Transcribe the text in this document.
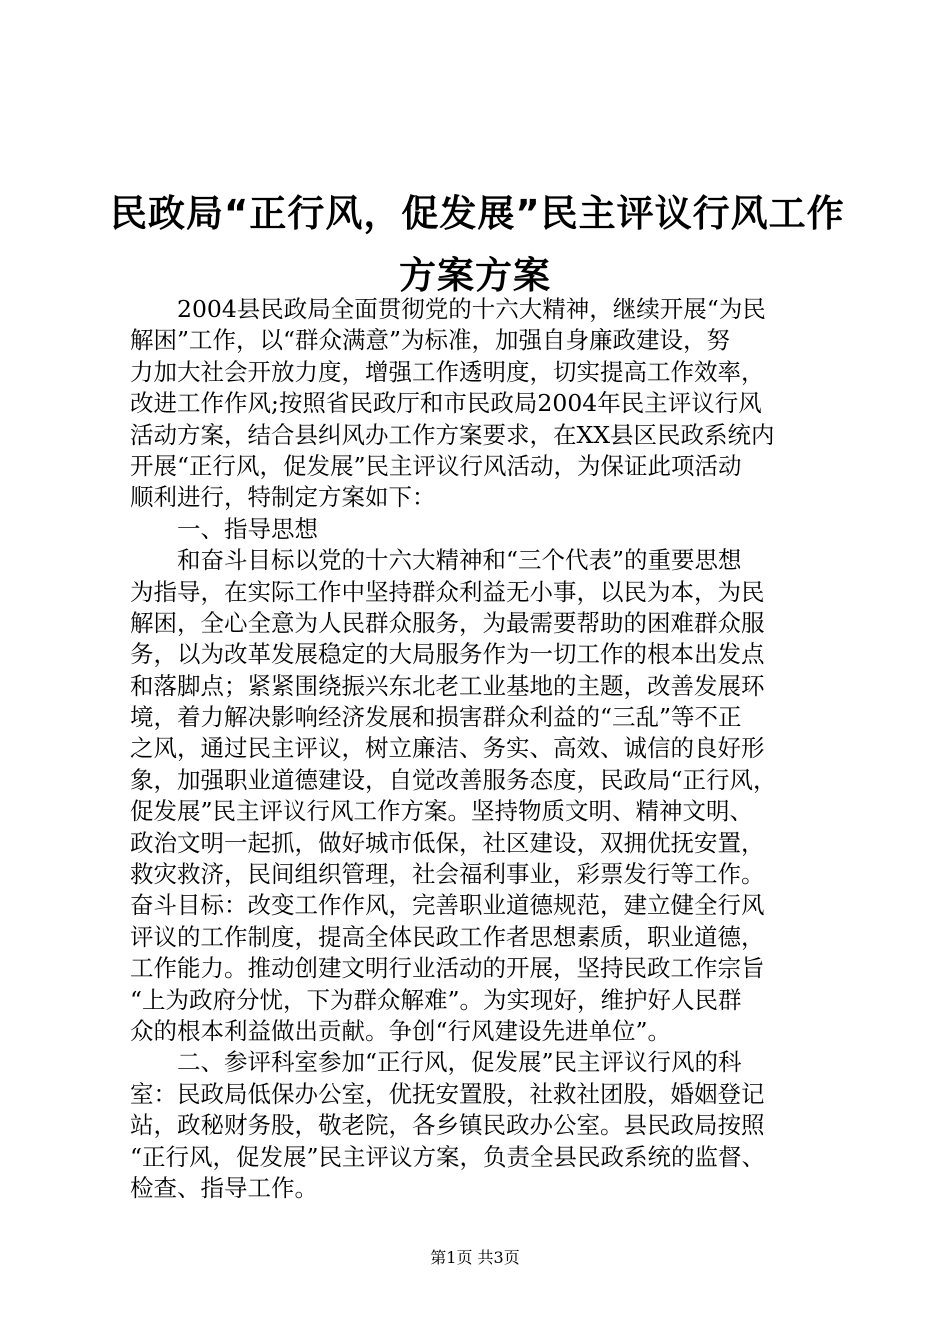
民政局“正行风，促发展”民主评议行风工作
方案方案
　　2004县民政局全面贯彻党的十六大精神，继续开展“为民
解困”工作，以“群众满意”为标准，加强自身廉政建设，努
力加大社会开放力度，增强工作透明度，切实提高工作效率，
改进工作作风;按照省民政厅和市民政局2004年民主评议行风
活动方案，结合县纠风办工作方案要求，在XX县区民政系统内
开展“正行风，促发展”民主评议行风活动，为保证此项活动
顺利进行，特制定方案如下：
　　一、指导思想
　　和奋斗目标以党的十六大精神和“三个代表”的重要思想
为指导，在实际工作中坚持群众利益无小事，以民为本，为民
解困，全心全意为人民群众服务，为最需要帮助的困难群众服
务，以为改革发展稳定的大局服务作为一切工作的根本出发点
和落脚点；紧紧围绕振兴东北老工业基地的主题，改善发展环
境，着力解决影响经济发展和损害群众利益的“三乱”等不正
之风，通过民主评议，树立廉洁、务实、高效、诚信的良好形
象，加强职业道德建设，自觉改善服务态度，民政局“正行风，
促发展”民主评议行风工作方案。坚持物质文明、精神文明、
政治文明一起抓，做好城市低保，社区建设，双拥优抚安置，
救灾救济，民间组织管理，社会福利事业，彩票发行等工作。
奋斗目标：改变工作作风，完善职业道德规范，建立健全行风
评议的工作制度，提高全体民政工作者思想素质，职业道德，
工作能力。推动创建文明行业活动的开展，坚持民政工作宗旨
“上为政府分忧，下为群众解难”。为实现好，维护好人民群
众的根本利益做出贡献。争创“行风建设先进单位”。
　　二、参评科室参加“正行风，促发展”民主评议行风的科
室：民政局低保办公室，优抚安置股，社救社团股，婚姻登记
站，政秘财务股，敬老院，各乡镇民政办公室。县民政局按照
“正行风，促发展”民主评议方案，负责全县民政系统的监督、
检查、指导工作。
第1页 共3页
